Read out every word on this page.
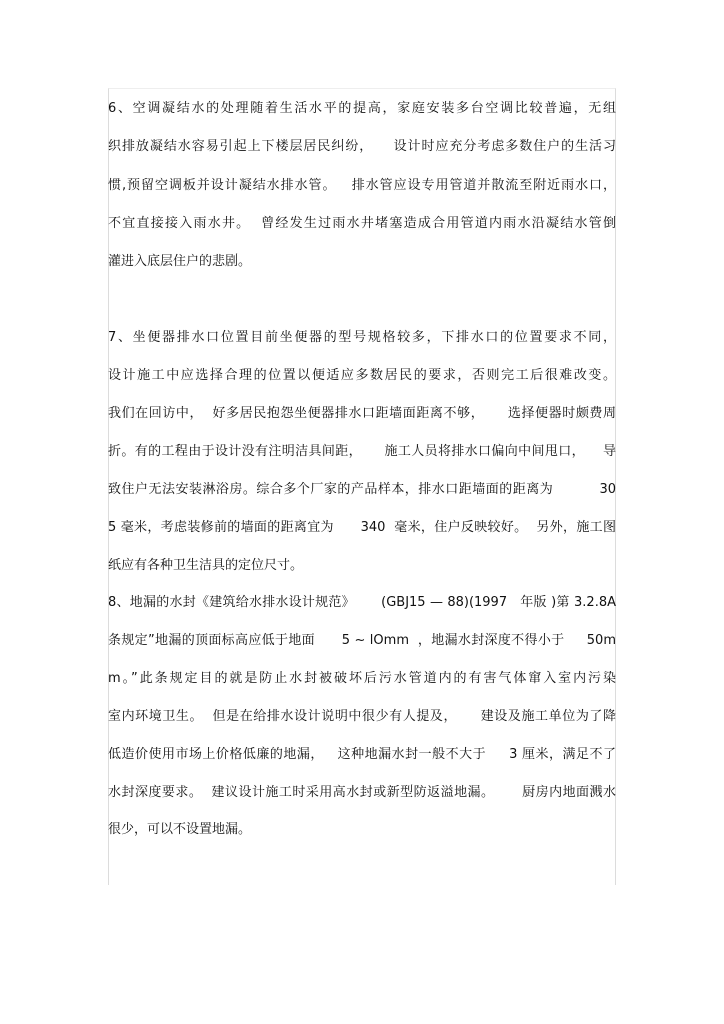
6、空调凝结水的处理随着生活水平的提高，家庭安装多台空调比较普遍，无组
织排放凝结水容易引起上下楼层居民纠纷，    设计时应充分考虑多数住户的生活习
惯,预留空调板并设计凝结水排水管。   排水管应设专用管道并散流至附近雨水口，
不宜直接接入雨水井。  曾经发生过雨水井堵塞造成合用管道内雨水沿凝结水管倒
灌进入底层住户的悲剧。
7、坐便器排水口位置目前坐便器的型号规格较多，下排水口的位置要求不同，
设计施工中应选择合理的位置以便适应多数居民的要求，否则完工后很难改变。
我们在回访中，  好多居民抱怨坐便器排水口距墙面距离不够，     选择便器时颇费周
折。有的工程由于设计没有注明洁具间距，     施工人员将排水口偏向中间甩口，    导
致住户无法安装淋浴房。综合多个厂家的产品样本，排水口距墙面的距离为          30
5 毫米，考虑装修前的墙面的距离宜为      340  毫米，住户反映较好。  另外，施工图
纸应有各种卫生洁具的定位尺寸。
8、地漏的水封《建筑给水排水设计规范》      (GBJ15 — 88)(1997   年版 )第 3.2.8A
条规定”地漏的顶面标高应低于地面      5 ~ lOmm  ，地漏水封深度不得小于     50m
m。”此条规定目的就是防止水封被破坏后污水管道内的有害气体窜入室内污染
室内环境卫生。  但是在给排水设计说明中很少有人提及，     建设及施工单位为了降
低造价使用市场上价格低廉的地漏，   这种地漏水封一般不大于     3 厘米，满足不了
水封深度要求。  建议设计施工时采用高水封或新型防返溢地漏。      厨房内地面溅水
很少，可以不设置地漏。
